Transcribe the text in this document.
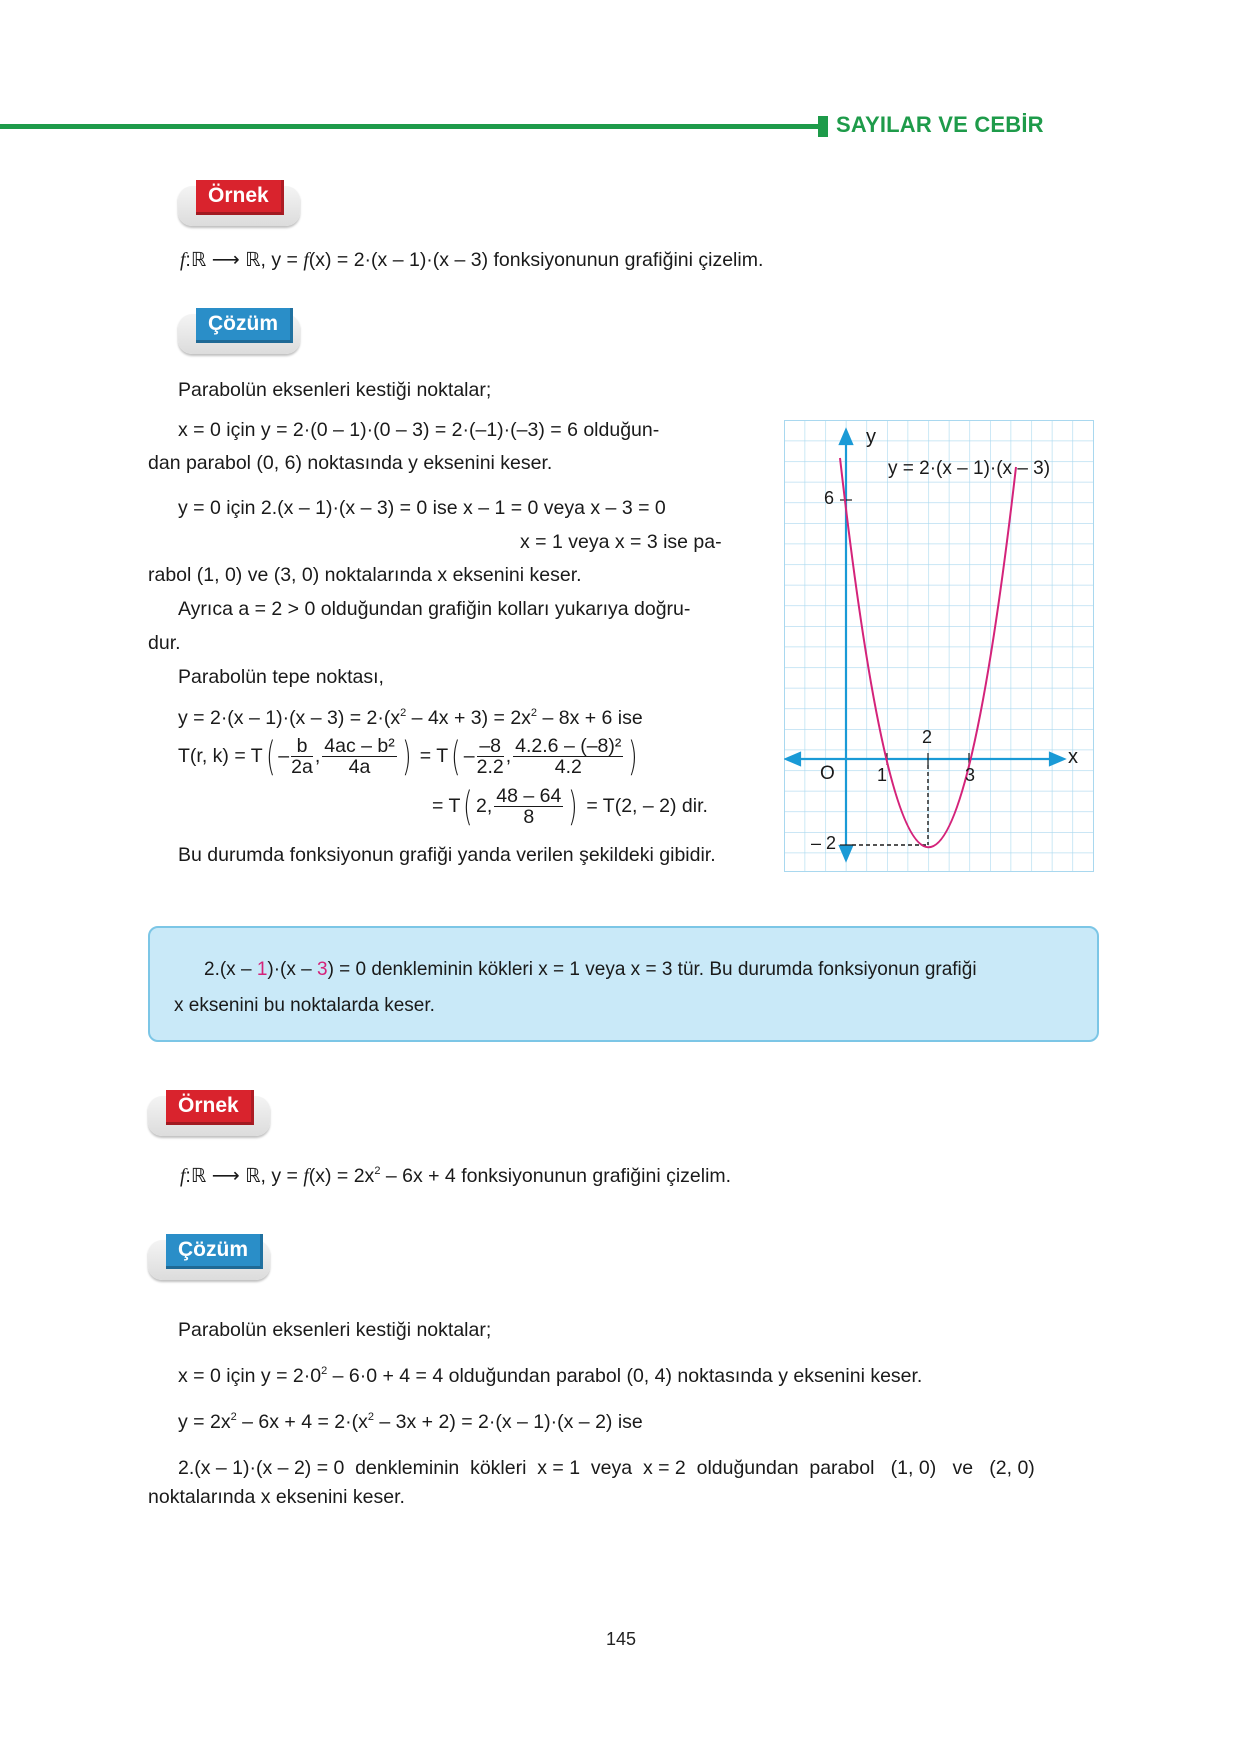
SAYILAR VE CEBİR
Örnek
f:ℝ ⟶ ℝ, y = f(x) = 2·(x – 1)·(x – 3) fonksiyonunun grafiğini çizelim.
Çözüm
Parabolün eksenleri kestiği noktalar;
x = 0 için y = 2·(0 – 1)·(0 – 3) = 2·(–1)·(–3) = 6 olduğun-
dan parabol (0, 6) noktasında y eksenini keser.
y = 0 için 2.(x – 1)·(x – 3) = 0 ise x – 1 = 0 veya x – 3 = 0
x = 1 veya x = 3 ise pa-
rabol (1, 0) ve (3, 0) noktalarında x eksenini keser.
Ayrıca a = 2 > 0 olduğundan grafiğin kolları yukarıya doğru-
dur.
Parabolün tepe noktası,
$y = 2\cdot(x - 1)\cdot(x - 3) = 2\cdot(x^2 - 4x + 3) = 2x^2 - 8x + 6$ ise
T(r, $k) = T( - \frac{b}{2a}$ , $\frac{\text{4ac – b²}}{4a}$ ) = $T( - \frac{-8}{2.2}$ , $\frac{\text{4.2.6 – (–8)²}}{4.2}$ )
= T( 2, $\frac{48 - 64}{8}$ ) = T(2, – 2) dir.
Bu durumda fonksiyonun grafiği yanda verilen şekildeki gibidir.
y
y = 2·(x – 1)·(x – 3)
6
– 2
O 1
2
3
x
2.(x – 1)·(x – 3) = 0 denkleminin kökleri x = 1 veya x = 3 tür. Bu durumda fonksiyonun grafiği
x eksenini bu noktalarda keser.
Örnek
f:ℝ ⟶ ℝ, $y = f(x) = 2x^2 - 6x + 4$ fonksiyonunun grafiğini çizelim.
Çözüm
Parabolün eksenleri kestiği noktalar;
x = 0 için $y = 2\cdot 0^2 - 6\cdot 0 + 4 = 4$ olduğundan parabol (0, 4) noktasında y eksenini keser.
$y = 2x^2 - 6x + 4 = 2\cdot(x^2 - 3x + 2) = 2\cdot(x - 1)\cdot(x - 2)$ ise
2.(x – 1)·(x – 2) = 0  denkleminin  kökleri  x = 1  veya  x = 2  olduğundan  parabol   (1, 0)   ve   (2, 0)
noktalarında x eksenini keser.
145
